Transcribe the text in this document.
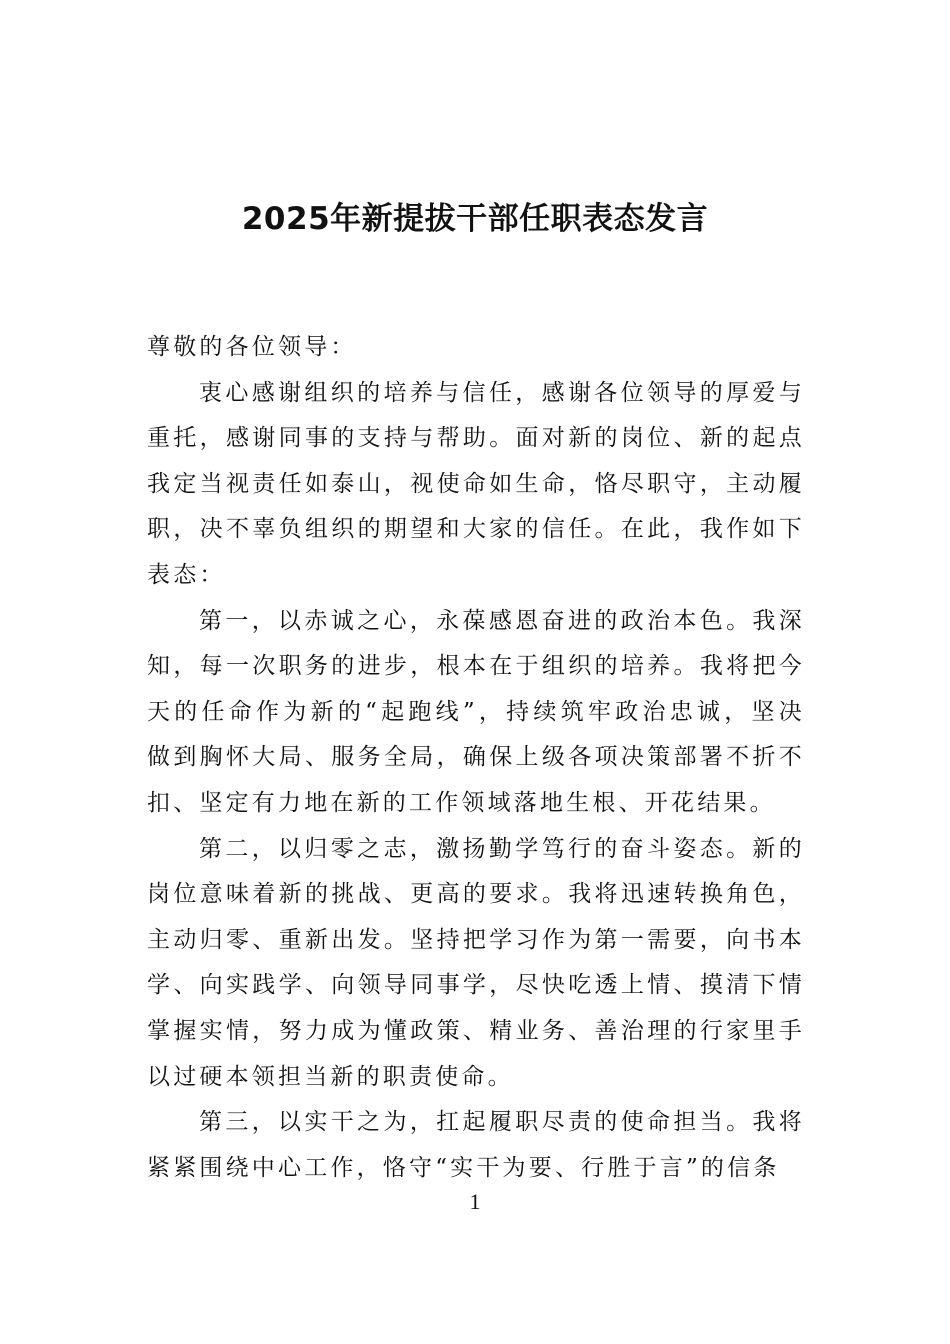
2025年新提拔干部任职表态发言

尊敬的各位领导：

衷心感谢组织的培养与信任，感谢各位领导的厚爱与重托，感谢同事的支持与帮助。面对新的岗位、新的起点我定当视责任如泰山，视使命如生命，恪尽职守，主动履职，决不辜负组织的期望和大家的信任。在此，我作如下表态：

第一，以赤诚之心，永葆感恩奋进的政治本色。我深知，每一次职务的进步，根本在于组织的培养。我将把今天的任命作为新的“起跑线”，持续筑牢政治忠诚，坚决做到胸怀大局、服务全局，确保上级各项决策部署不折不扣、坚定有力地在新的工作领域落地生根、开花结果。

第二，以归零之志，激扬勤学笃行的奋斗姿态。新的岗位意味着新的挑战、更高的要求。我将迅速转换角色，主动归零、重新出发。坚持把学习作为第一需要，向书本学、向实践学、向领导同事学，尽快吃透上情、摸清下情掌握实情，努力成为懂政策、精业务、善治理的行家里手以过硬本领担当新的职责使命。

第三，以实干之为，扛起履职尽责的使命担当。我将紧紧围绕中心工作，恪守“实干为要、行胜于言”的信条

1
